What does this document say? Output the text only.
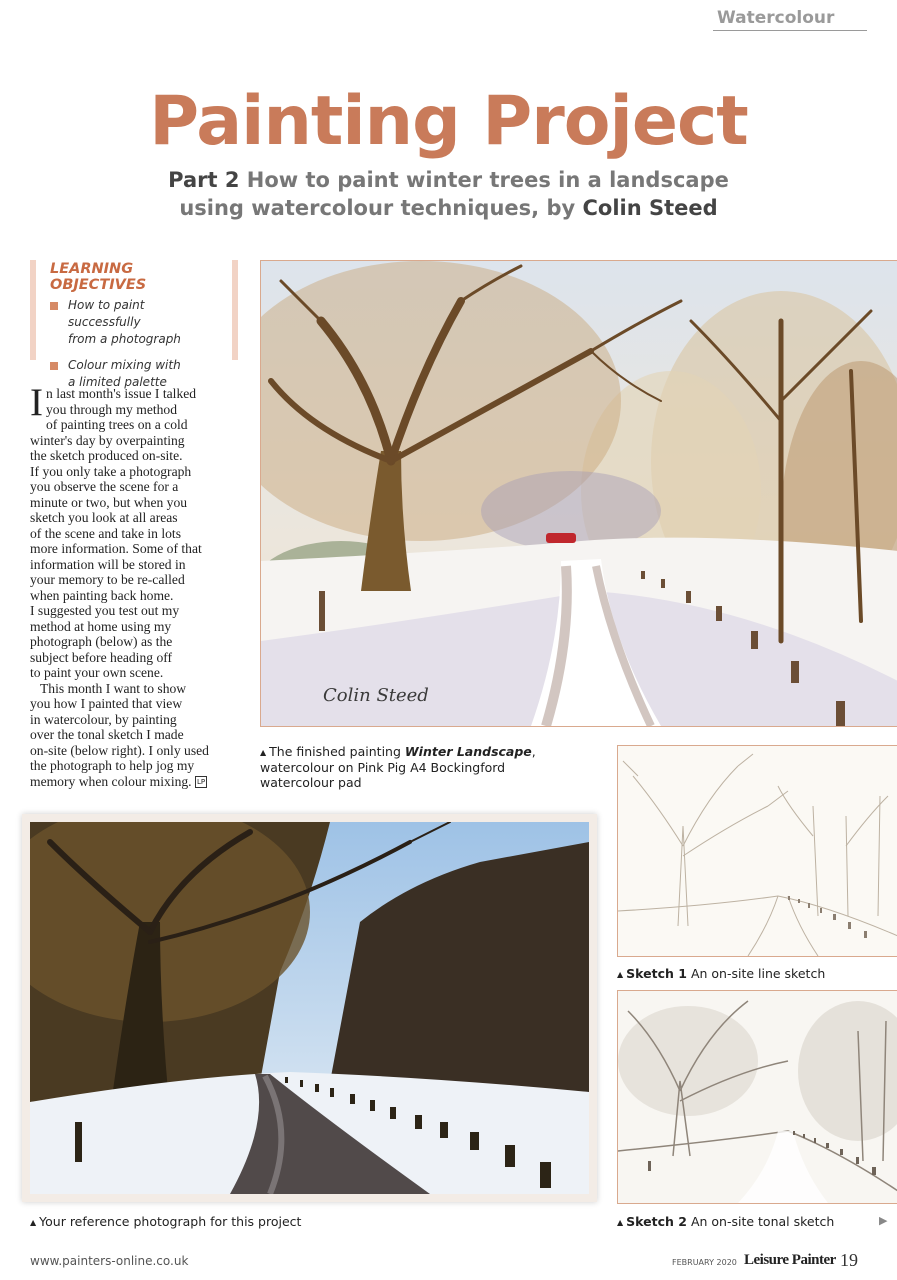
Watercolour
Painting Project
Part 2 How to paint winter trees in a landscape
using watercolour techniques, by Colin Steed
LEARNING OBJECTIVES
How to paint successfully
from a photograph
Colour mixing with
a limited palette
I n last month's issue I talked
you through my method
of painting trees on a cold
winter's day by overpainting
the sketch produced on-site.
If you only take a photograph
you observe the scene for a
minute or two, but when you
sketch you look at all areas
of the scene and take in lots
more information. Some of that
information will be stored in
your memory to be re-called
when painting back home.
I suggested you test out my
method at home using my
photograph (below) as the
subject before heading off
to paint your own scene.
This month I want to show
you how I painted that view
in watercolour, by painting
over the tonal sketch I made
on-site (below right). I only used
the photograph to help jog my
memory when colour mixing. LP
Colin Steed
▲ The finished painting Winter Landscape,
watercolour on Pink Pig A4 Bockingford
watercolour pad
▲ Sketch 1 An on-site line sketch
▲ Sketch 2 An on-site tonal sketch
▲ Your reference photograph for this project	▶
www.painters-online.co.uk	FEBRUARY 2020 Leisure Painter 19
